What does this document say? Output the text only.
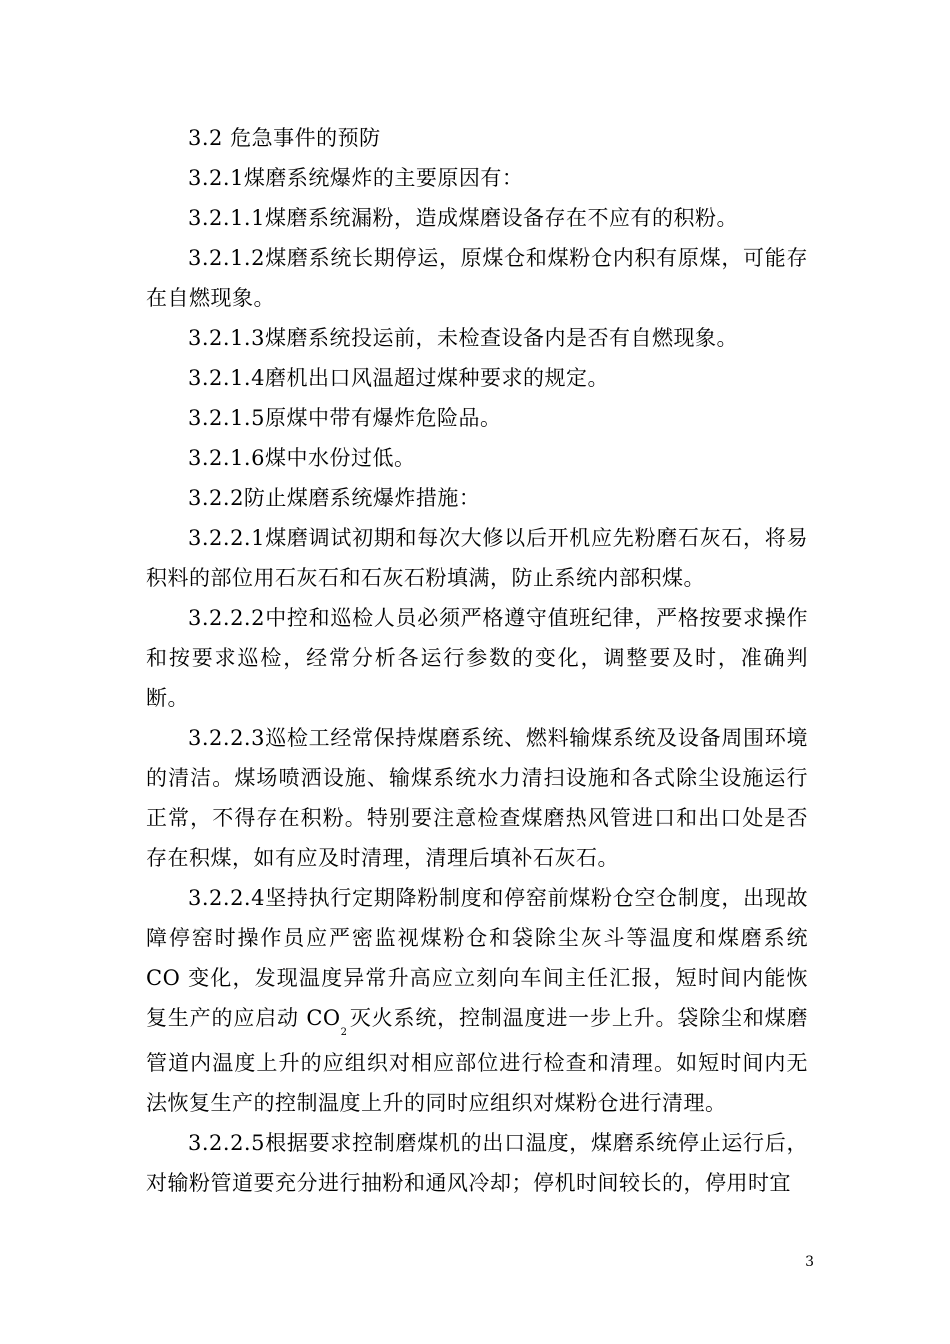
3.2 危急事件的预防

3.2.1煤磨系统爆炸的主要原因有：

3.2.1.1煤磨系统漏粉，造成煤磨设备存在不应有的积粉。

3.2.1.2煤磨系统长期停运，原煤仓和煤粉仓内积有原煤，可能存在自燃现象。

3.2.1.3煤磨系统投运前，未检查设备内是否有自燃现象。

3.2.1.4磨机出口风温超过煤种要求的规定。

3.2.1.5原煤中带有爆炸危险品。

3.2.1.6煤中水份过低。

3.2.2防止煤磨系统爆炸措施：

3.2.2.1煤磨调试初期和每次大修以后开机应先粉磨石灰石，将易积料的部位用石灰石和石灰石粉填满，防止系统内部积煤。

3.2.2.2中控和巡检人员必须严格遵守值班纪律，严格按要求操作和按要求巡检，经常分析各运行参数的变化，调整要及时，准确判断。

3.2.2.3巡检工经常保持煤磨系统、燃料输煤系统及设备周围环境的清洁。煤场喷洒设施、输煤系统水力清扫设施和各式除尘设施运行正常，不得存在积粉。特别要注意检查煤磨热风管进口和出口处是否存在积煤，如有应及时清理，清理后填补石灰石。

3.2.2.4坚持执行定期降粉制度和停窑前煤粉仓空仓制度，出现故障停窑时操作员应严密监视煤粉仓和袋除尘灰斗等温度和煤磨系统 CO 变化，发现温度异常升高应立刻向车间主任汇报，短时间内能恢复生产的应启动 $CO_2$灭火系统，控制温度进一步上升。袋除尘和煤磨管道内温度上升的应组织对相应部位进行检查和清理。如短时间内无法恢复生产的控制温度上升的同时应组织对煤粉仓进行清理。

3.2.2.5根据要求控制磨煤机的出口温度，煤磨系统停止运行后，对输粉管道要充分进行抽粉和通风冷却；停机时间较长的，停用时宜

3
